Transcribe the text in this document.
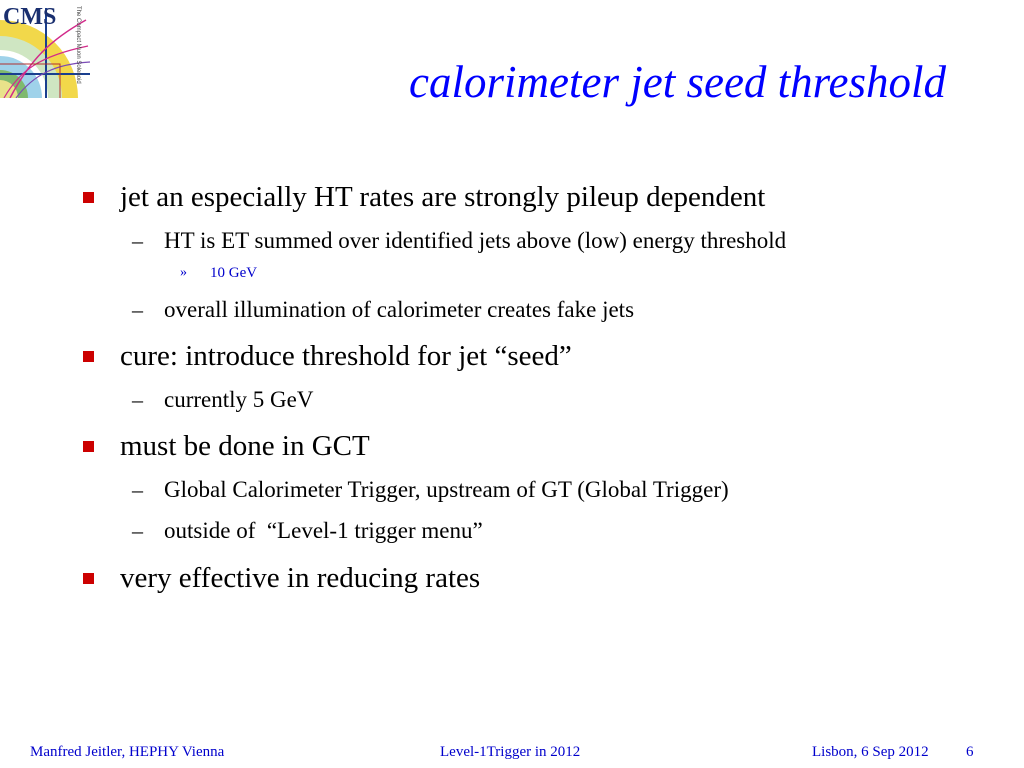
CMS	The Compact Muon Solenoid	calorimeter jet seed threshold
jet an especially HT rates are strongly pileup dependent
– HT is ET summed over identified jets above (low) energy threshold
» 10 GeV
– overall illumination of calorimeter creates fake jets
cure: introduce threshold for jet “seed”
– currently 5 GeV
must be done in GCT
– Global Calorimeter Trigger, upstream of GT (Global Trigger)
– outside of  “Level-1 trigger menu”
very effective in reducing rates
Manfred Jeitler, HEPHY Vienna	Level-1Trigger in 2012	Lisbon, 6 Sep 2012 6
